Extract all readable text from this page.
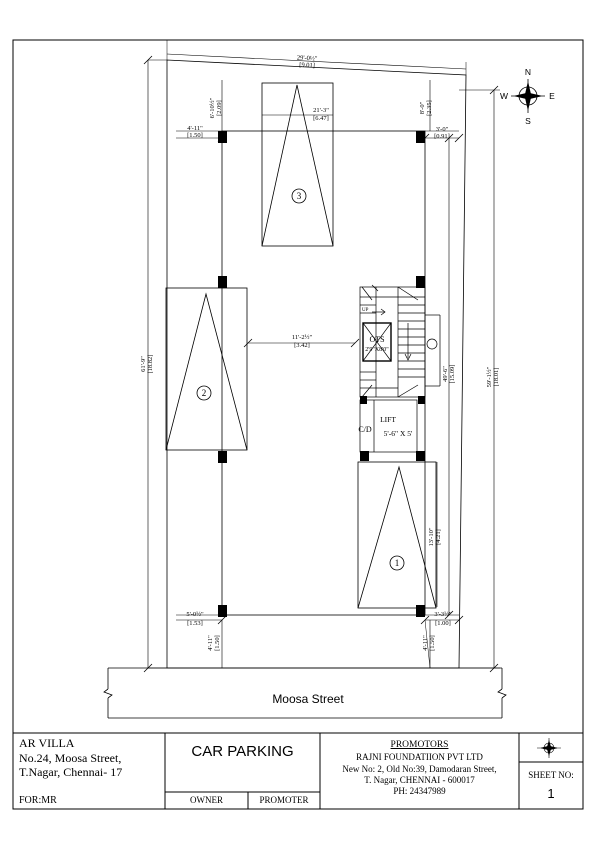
29'-0½"
[9.01]
6'-10½" [2.09]	21'-3"
[6.47]
8'-0" [2.35]
4'-11"
[1.50]
3'-0"
[0.91]
11'-2½"
[3.42]
61'-9" [18.82]
49'-6" [15.09]	59'-1½" [18.01]
13'-10" [4.21]
5'-0½"
[1.53]
3'-3½"
[1.00]
4'-11" [1.50]	4'-11" [1.50]
UP
OTS
2'9"X8'0"
LIFT
5'-6" X 5'
C/D
3
2
1
Moosa Street
N
S
E
W
AR VILLA
No.24, Moosa Street,
T.Nagar, Chennai- 17
FOR:MR
CAR PARKING
OWNER	PROMOTER
PROMOTORS
RAJNI FOUNDATIION PVT LTD
New No: 2, Old No:39, Damodaran Street,
T. Nagar, CHENNAI - 600017
PH: 24347989
SHEET NO:
1
